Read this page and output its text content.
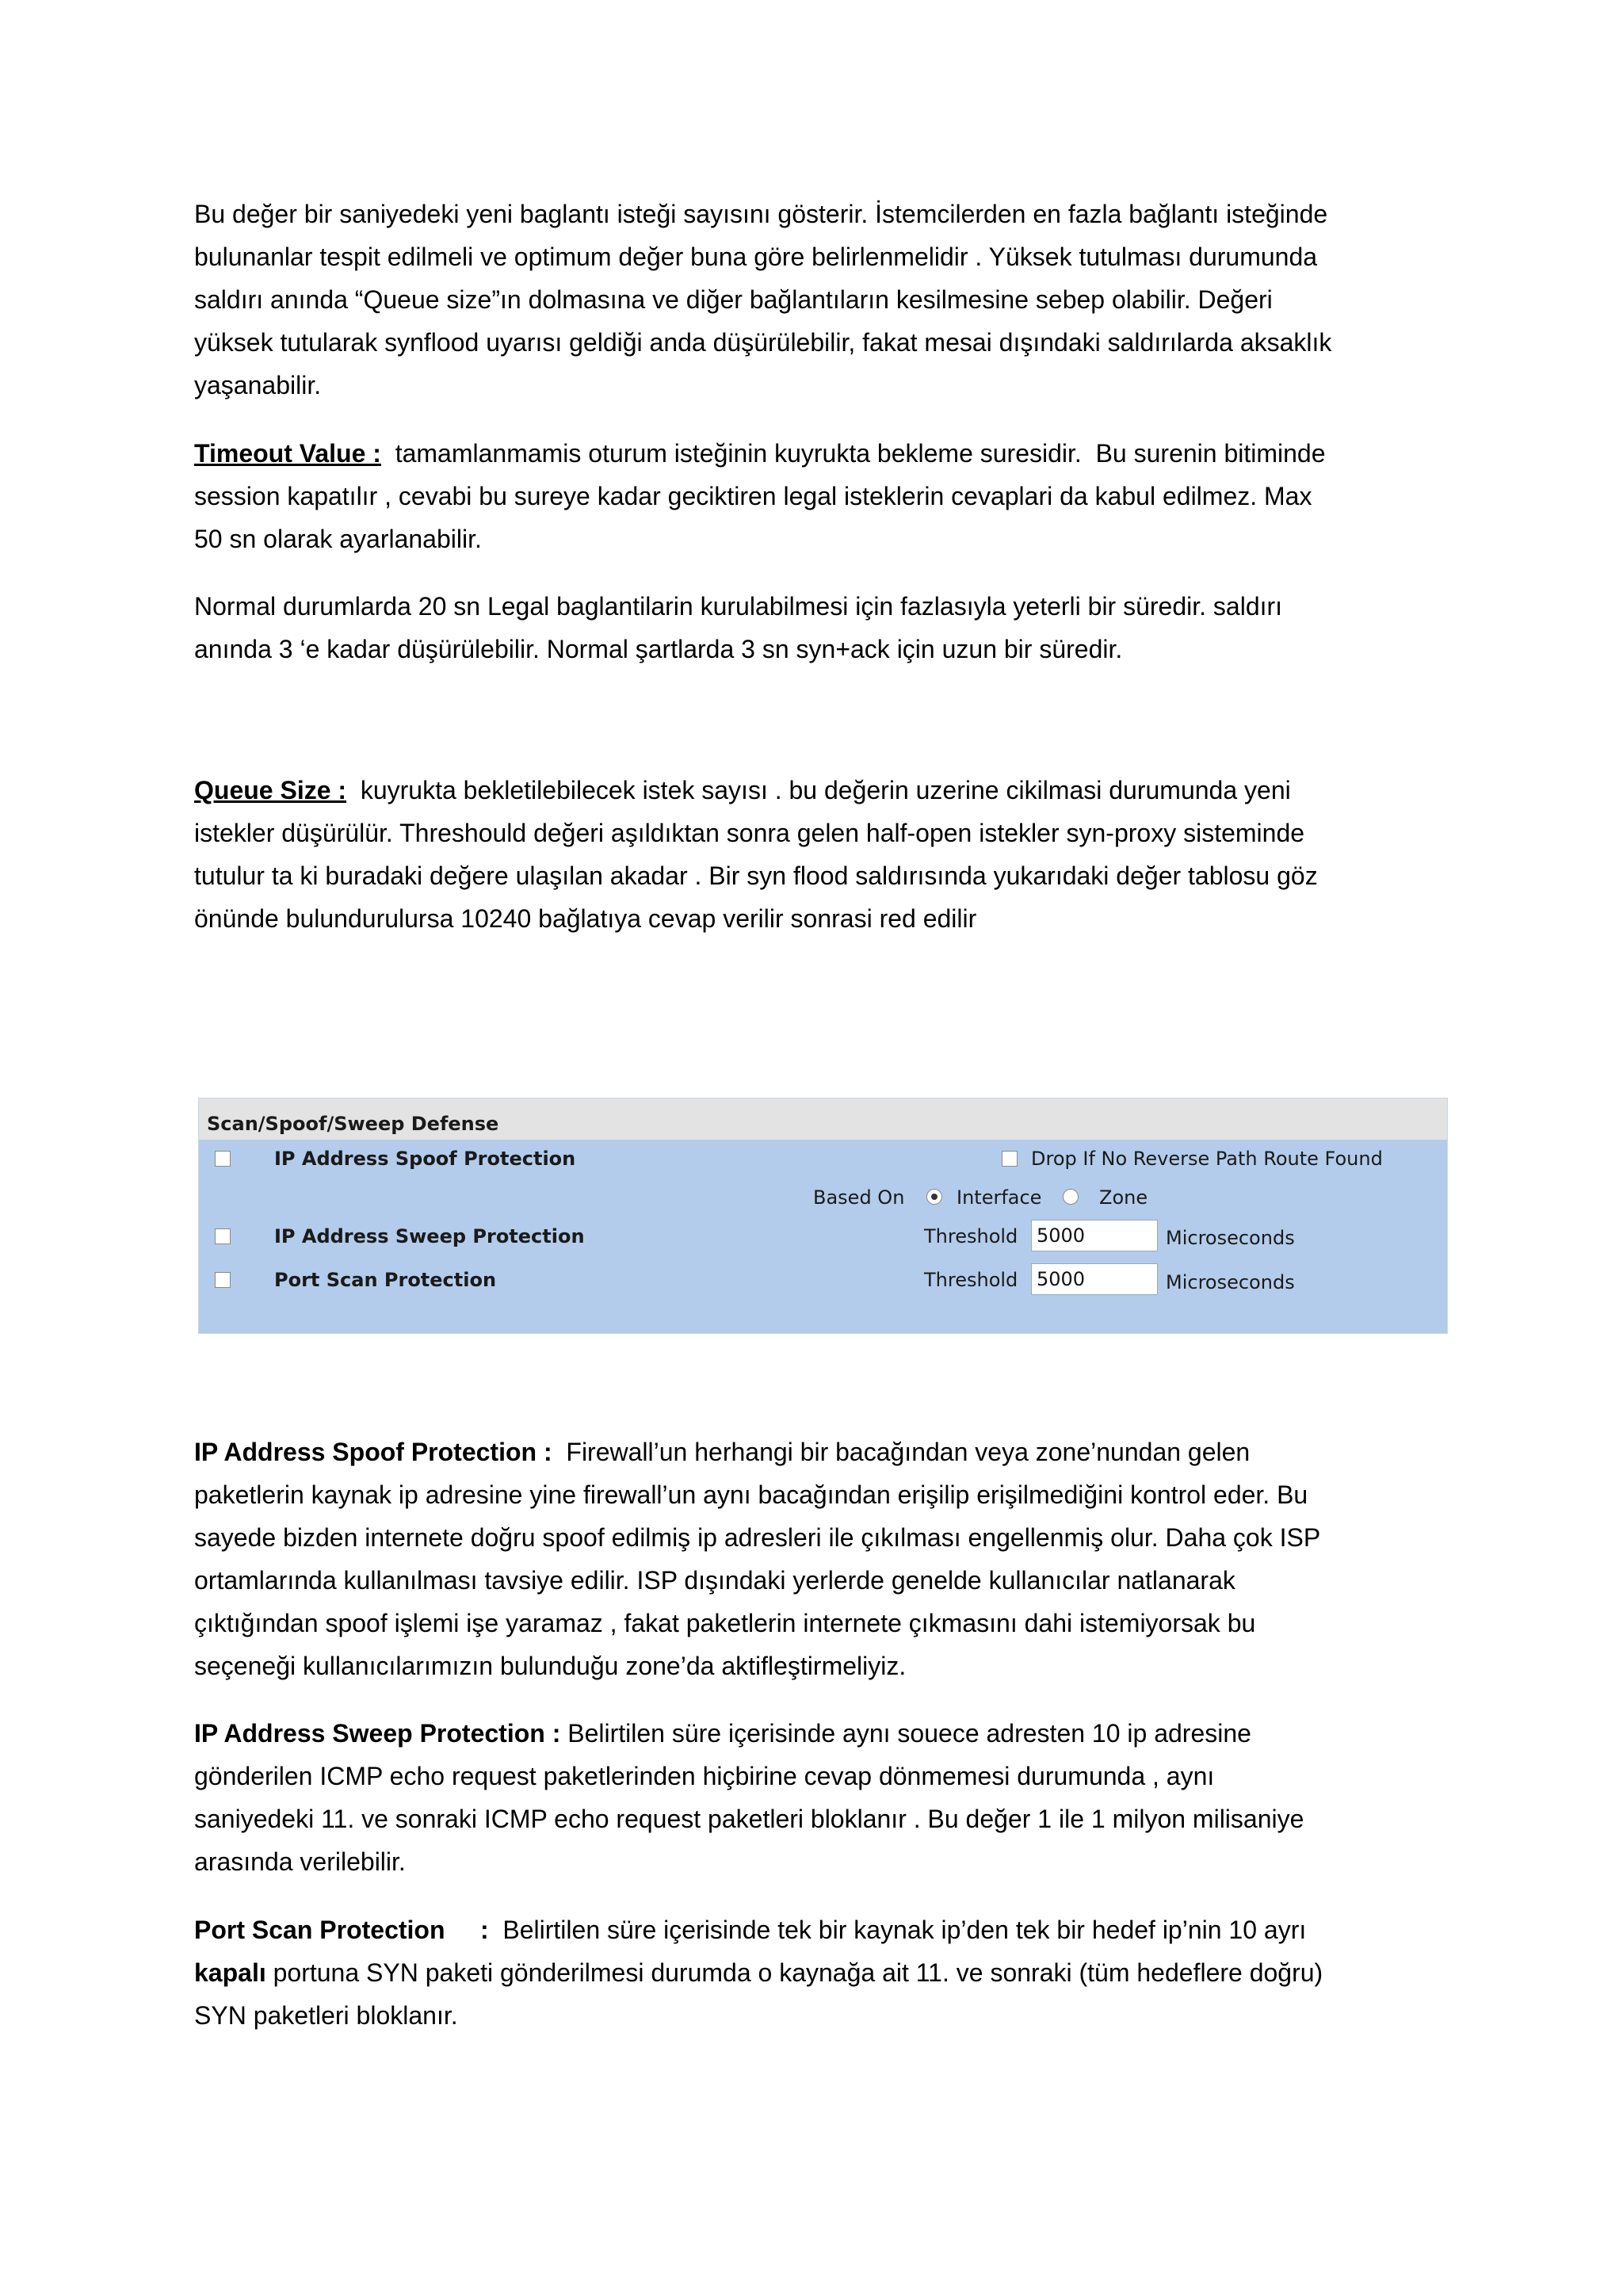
Bu değer bir saniyedeki yeni baglantı isteği sayısını gösterir. İstemcilerden en fazla bağlantı isteğinde
bulunanlar tespit edilmeli ve optimum değer buna göre belirlenmelidir . Yüksek tutulması durumunda
saldırı anında “Queue size”ın dolmasına ve diğer bağlantıların kesilmesine sebep olabilir. Değeri
yüksek tutularak synflood uyarısı geldiği anda düşürülebilir, fakat mesai dışındaki saldırılarda aksaklık
yaşanabilir.
Timeout Value :  tamamlanmamis oturum isteğinin kuyrukta bekleme suresidir.  Bu surenin bitiminde
session kapatılır , cevabi bu sureye kadar geciktiren legal isteklerin cevaplari da kabul edilmez. Max
50 sn olarak ayarlanabilir.
Normal durumlarda 20 sn Legal baglantilarin kurulabilmesi için fazlasıyla yeterli bir süredir. saldırı
anında 3 ‘e kadar düşürülebilir. Normal şartlarda 3 sn syn+ack için uzun bir süredir.
Queue Size :  kuyrukta bekletilebilecek istek sayısı . bu değerin uzerine cikilmasi durumunda yeni
istekler düşürülür. Threshould değeri aşıldıktan sonra gelen half-open istekler syn-proxy sisteminde
tutulur ta ki buradaki değere ulaşılan akadar . Bir syn flood saldırısında yukarıdaki değer tablosu göz
önünde bulundurulursa 10240 bağlatıya cevap verilir sonrasi red edilir
Scan/Spoof/Sweep Defense
IP Address Spoof Protection	Drop If No Reverse Path Route Found
Based On	Interface	Zone
IP Address Sweep Protection	Threshold 5000	Microseconds
Port Scan Protection	Threshold 5000	Microseconds
IP Address Spoof Protection :  Firewall’un herhangi bir bacağından veya zone’nundan gelen
paketlerin kaynak ip adresine yine firewall’un aynı bacağından erişilip erişilmediğini kontrol eder. Bu
sayede bizden internete doğru spoof edilmiş ip adresleri ile çıkılması engellenmiş olur. Daha çok ISP
ortamlarında kullanılması tavsiye edilir. ISP dışındaki yerlerde genelde kullanıcılar natlanarak
çıktığından spoof işlemi işe yaramaz , fakat paketlerin internete çıkmasını dahi istemiyorsak bu
seçeneği kullanıcılarımızın bulunduğu zone’da aktifleştirmeliyiz.
IP Address Sweep Protection : Belirtilen süre içerisinde aynı souece adresten 10 ip adresine
gönderilen ICMP echo request paketlerinden hiçbirine cevap dönmemesi durumunda , aynı
saniyedeki 11. ve sonraki ICMP echo request paketleri bloklanır . Bu değer 1 ile 1 milyon milisaniye
arasında verilebilir.
Port Scan Protection     :  Belirtilen süre içerisinde tek bir kaynak ip’den tek bir hedef ip’nin 10 ayrı
kapalı portuna SYN paketi gönderilmesi durumda o kaynağa ait 11. ve sonraki (tüm hedeflere doğru)
SYN paketleri bloklanır.
